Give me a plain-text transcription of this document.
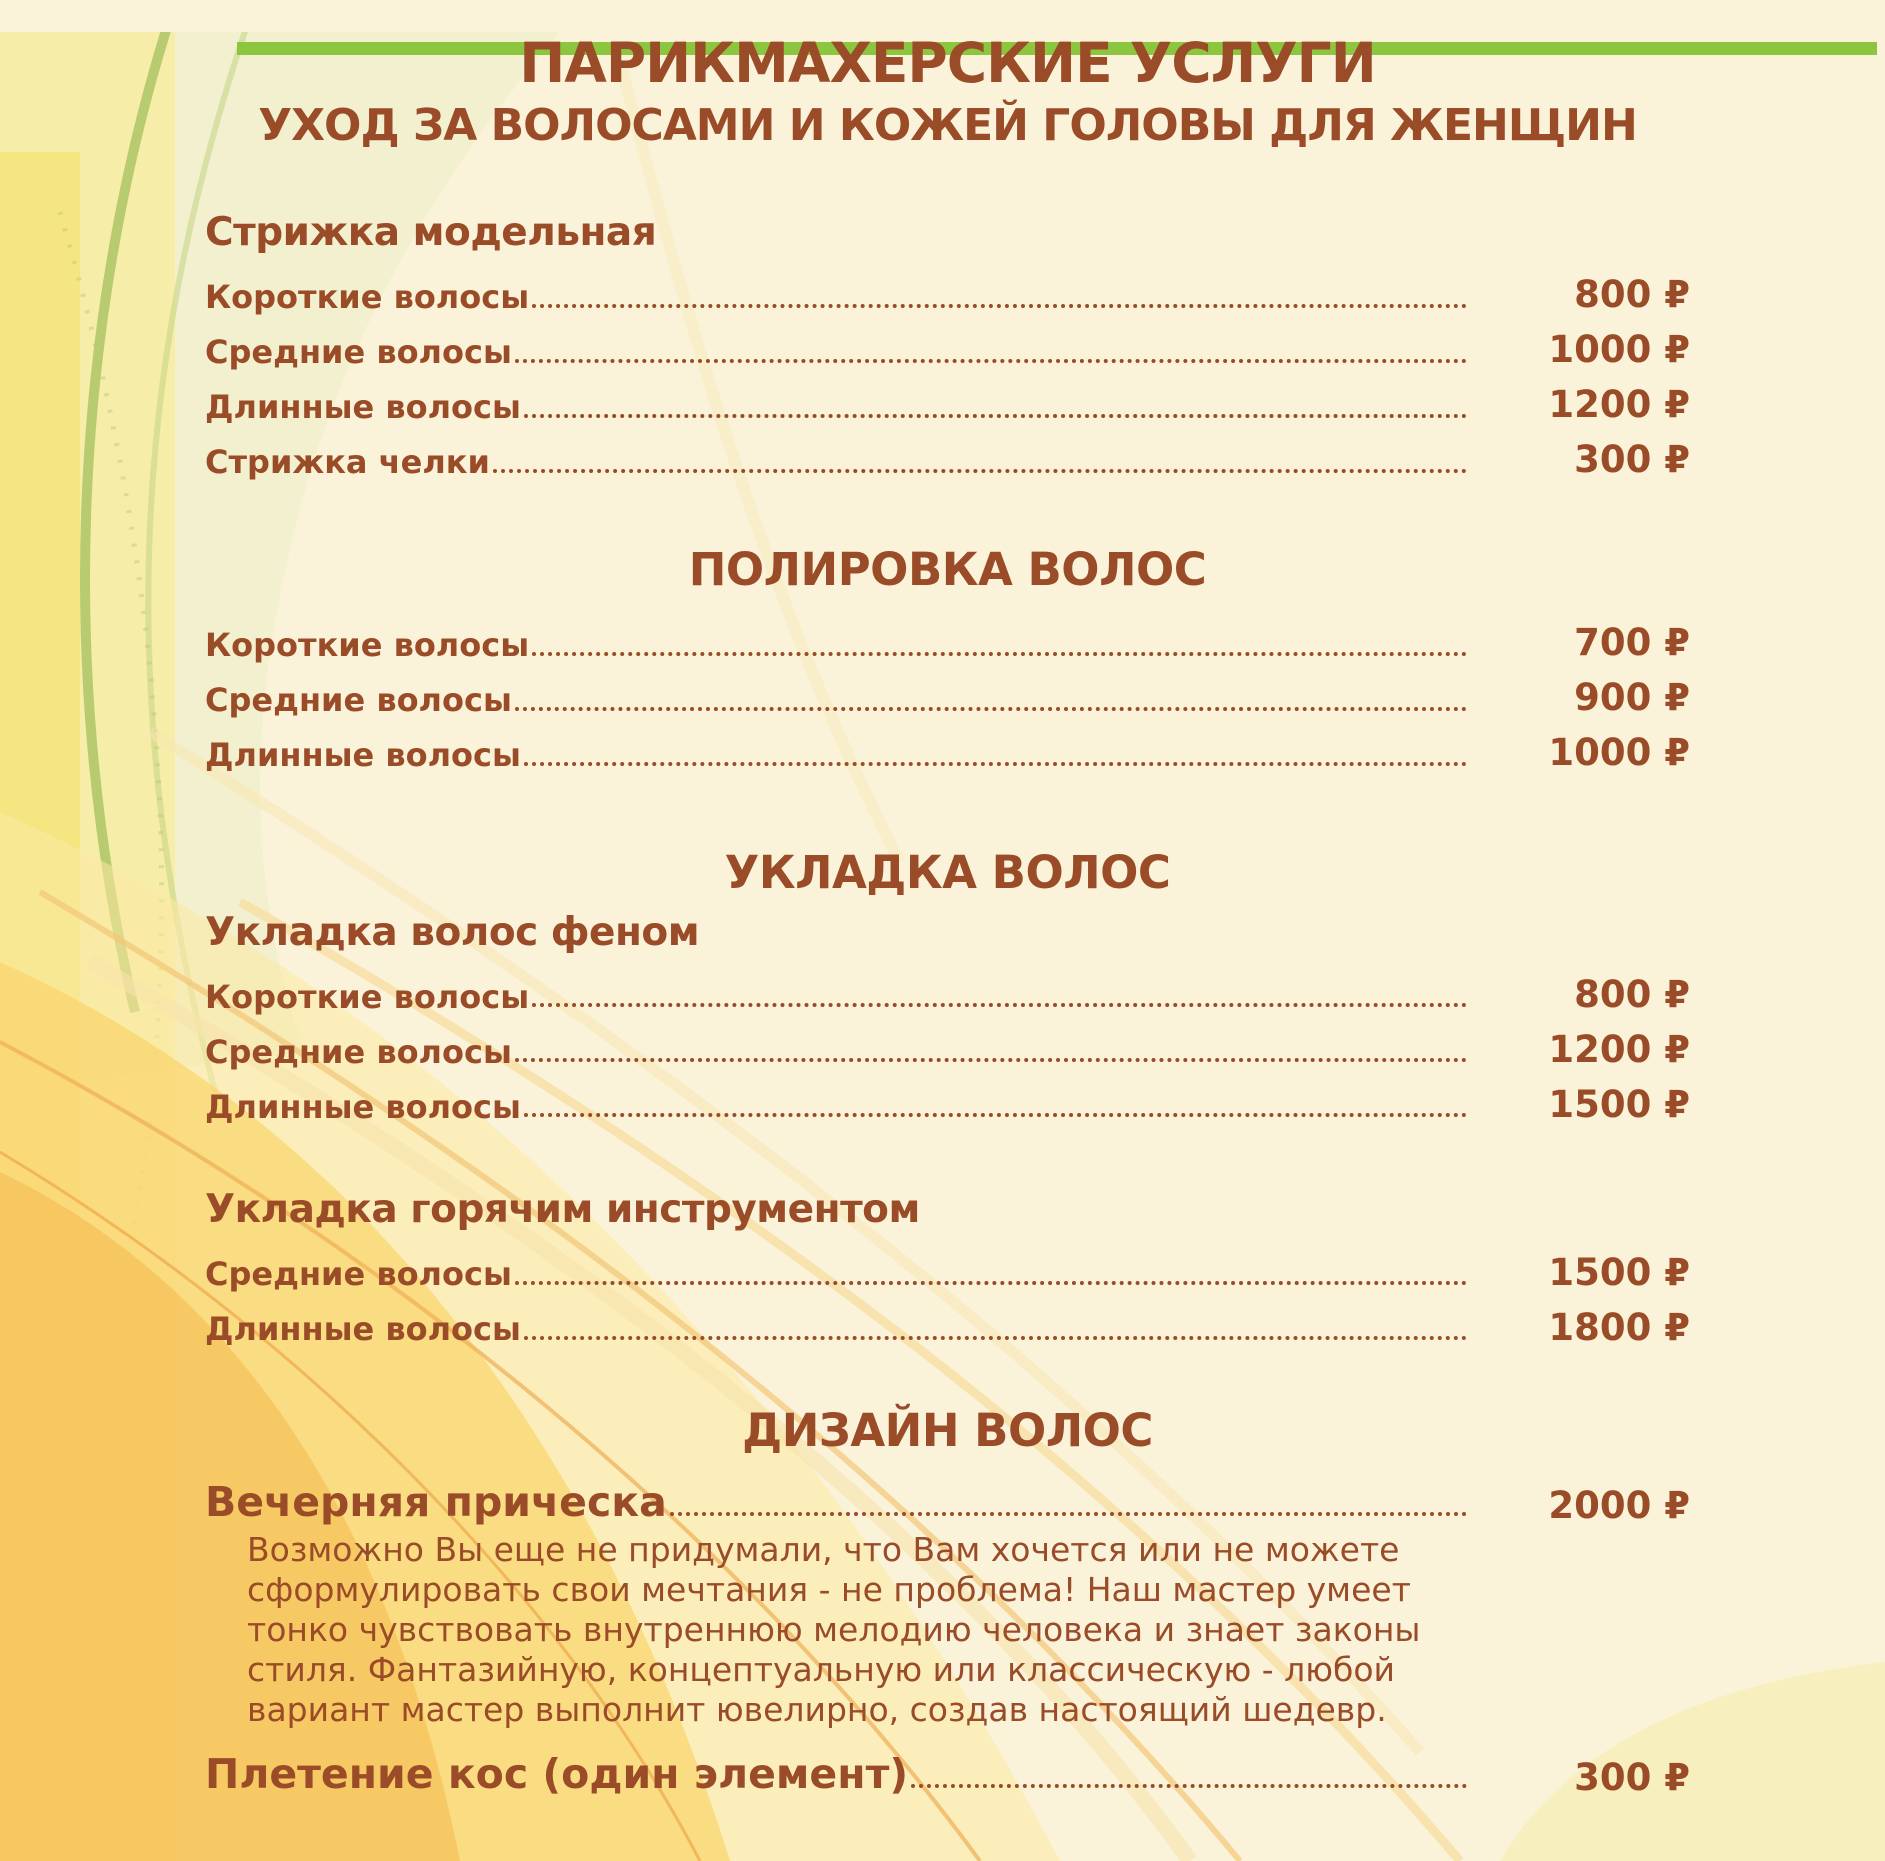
ПАРИКМАХЕРСКИЕ УСЛУГИ
УХОД ЗА ВОЛОСАМИ И КОЖЕЙ ГОЛОВЫ ДЛЯ ЖЕНЩИН
Стрижка модельная
Короткие волосы	800 ₽
Средние волосы	1000 ₽
Длинные волосы	1200 ₽
Стрижка челки	300 ₽
ПОЛИРОВКА ВОЛОС
Короткие волосы	700 ₽
Средние волосы	900 ₽
Длинные волосы	1000 ₽
УКЛАДКА ВОЛОС
Укладка волос феном
Короткие волосы	800 ₽
Средние волосы	1200 ₽
Длинные волосы	1500 ₽
Укладка горячим инструментом
Средние волосы	1500 ₽
Длинные волосы	1800 ₽
ДИЗАЙН ВОЛОС
Вечерняя прическа	2000 ₽

Возможно Вы еще не придумали, что Вам хочется или не можете сформулировать свои мечтания - не проблема! Наш мастер умеет тонко чувствовать внутреннюю мелодию человека и знает законы стиля. Фантазийную, концептуальную или классическую - любой вариант мастер выполнит ювелирно, создав настоящий шедевр.

Плетение кос (один элемент)	300 ₽
